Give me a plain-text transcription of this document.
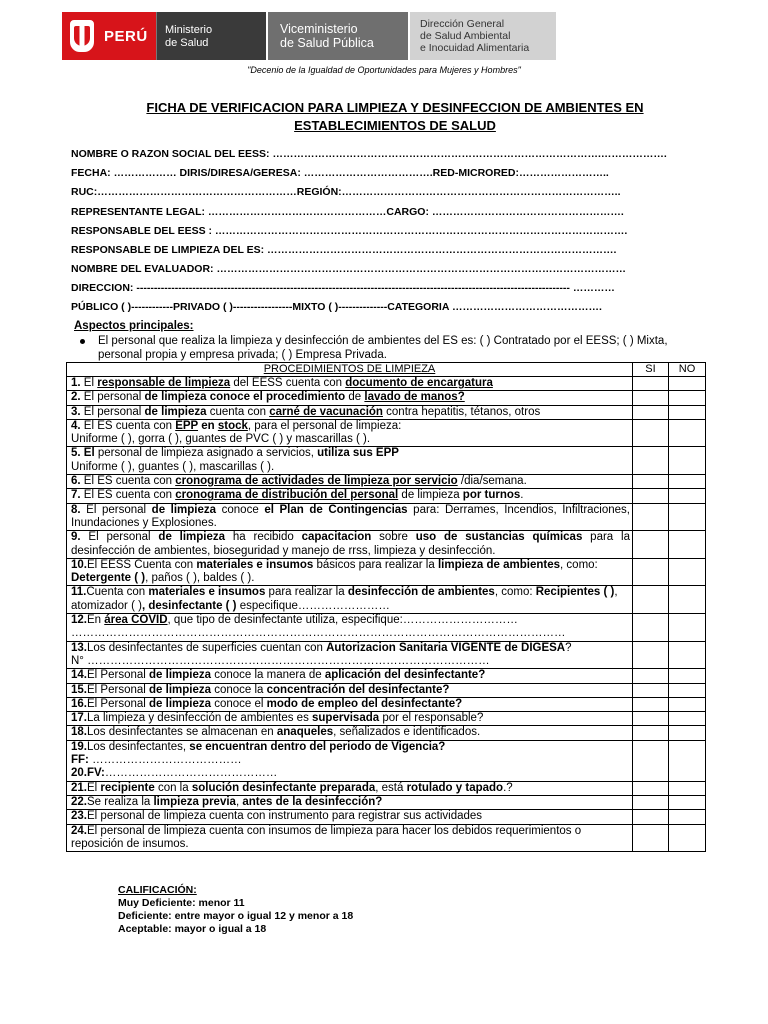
PERÚ Ministerio
de Salud
Viceministerio
de Salud Pública
Dirección General
de Salud Ambiental
e Inocuidad Alimentaria
"Decenio de la Igualdad de Oportunidades para Mujeres y Hombres"
FICHA DE VERIFICACION PARA LIMPIEZA Y DESINFECCION DE AMBIENTES EN
ESTABLECIMIENTOS DE SALUD
NOMBRE O RAZON SOCIAL DEL EESS: ………………………………………………………………………………….……………….
FECHA: ……………… DIRIS/DIRESA/GERESA: ……………………………….RED-MICRORED:……………………..
RUC:…………………………………………………REGIÓN:……………………………………………………………………..
REPRESENTANTE LEGAL: ……………………………………………CARGO: ……………………………………………….
RESPONSABLE DEL EESS : ……………………………………………………………………………………………………….
RESPONSABLE DE LIMPIEZA DEL ES: ……………………………………………………………………………………….
NOMBRE DEL EVALUADOR: ………………………………………………………………………………………………………
DIRECCION: ---------------------------------------------------------------------------------------------------------------------------- …………
PÚBLICO ( )------------PRIVADO ( )-----------------MIXTO ( )--------------CATEGORIA …………………………………….
Aspectos principales:
El personal que realiza la limpieza y desinfección de ambientes del ES es: ( ) Contratado por el EESS; ( ) Mixta, personal propia y empresa privada; ( ) Empresa Privada.
PROCEDIMIENTOS DE LIMPIEZA	SI	NO
1. El responsable de limpieza del EESS cuenta con documento de encargatura		
2. El personal de limpieza conoce el procedimiento de lavado de manos?		
3. El personal de limpieza cuenta con carné de vacunación contra hepatitis, tétanos, otros		
4. El ES cuenta con EPP en stock, para el personal de limpieza:
Uniforme ( ), gorra ( ), guantes de PVC ( ) y mascarillas ( ).		
5. El personal de limpieza asignado a servicios, utiliza sus EPP
Uniforme ( ), guantes ( ), mascarillas ( ).		
6. El ES cuenta con cronograma de actividades de limpieza por servicio /dia/semana.		
7. El ES cuenta con cronograma de distribución del personal de limpieza por turnos.		
8. El personal de limpieza conoce el Plan de Contingencias para: Derrames, Incendios, Infiltraciones, Inundaciones y Explosiones.		
9. El personal de limpieza ha recibido capacitacion sobre uso de sustancias químicas para la desinfección de ambientes, bioseguridad y manejo de rrss, limpieza y desinfección.		
10.El EESS Cuenta con materiales e insumos básicos para realizar la limpieza de ambientes, como: Detergente ( ), paños ( ), baldes ( ).		
11.Cuenta con materiales e insumos para realizar la desinfección de ambientes, como: Recipientes ( ), atomizador ( ), desinfectante ( ) especifique……………………		
12.En área COVID, que tipo de desinfectante utiliza, especifique:…………………………
…………………………………………………………………………………………………………………		
13.Los desinfectantes de superficies cuentan con Autorizacion Sanitaria VIGENTE de DIGESA?
N° ……………………………………………………………………………………………		
14.El Personal de limpieza conoce la manera de aplicación del desinfectante?		
15.El Personal de limpieza conoce la concentración del desinfectante?		
16.El Personal de limpieza conoce el modo de empleo del desinfectante?		
17.La limpieza y desinfección de ambientes es supervisada por el responsable?		
18.Los desinfectantes se almacenan en anaqueles, señalizados e identificados.		
19.Los desinfectantes, se encuentran dentro del periodo de Vigencia?
FF: …………………………………
20.FV:………………………………………		
21.El recipiente con la solución desinfectante preparada, está rotulado y tapado.?		
22.Se realiza la limpieza previa, antes de la desinfección?		
23.El personal de limpieza cuenta con instrumento para registrar sus actividades		
24.El personal de limpieza cuenta con insumos de limpieza para hacer los debidos requerimientos o reposición de insumos.		
CALIFICACIÓN:
Muy Deficiente: menor 11
Deficiente: entre mayor o igual 12 y menor a 18
Aceptable: mayor o igual a 18
